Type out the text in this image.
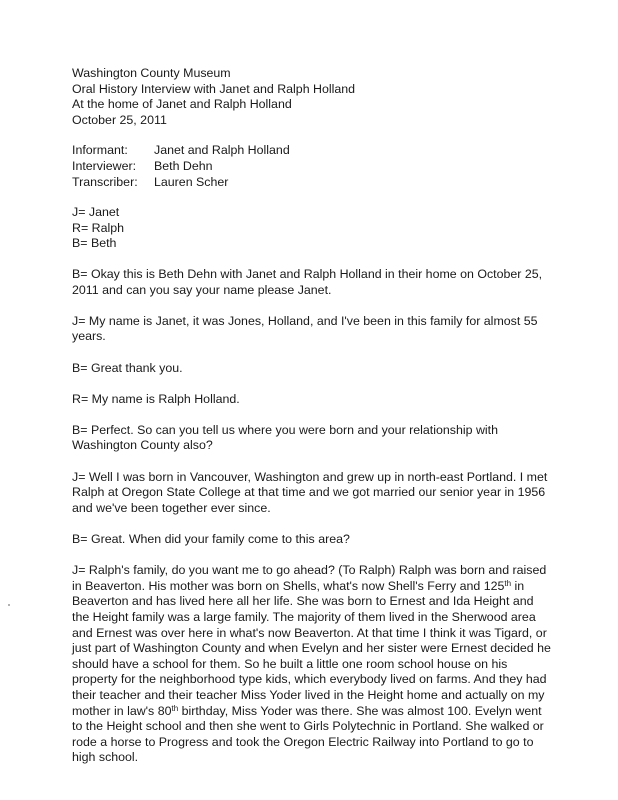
Washington County Museum
Oral History Interview with Janet and Ralph Holland
At the home of Janet and Ralph Holland
October 25, 2011
Informant:	Janet and Ralph Holland
Interviewer:	Beth Dehn
Transcriber:	Lauren Scher
J= Janet
R= Ralph
B= Beth

B= Okay this is Beth Dehn with Janet and Ralph Holland in their home on October 25, 2011 and can you say your name please Janet.

J= My name is Janet, it was Jones, Holland, and I've been in this family for almost 55 years.

B= Great thank you.

R= My name is Ralph Holland.

B= Perfect. So can you tell us where you were born and your relationship with Washington County also?

J= Well I was born in Vancouver, Washington and grew up in north-east Portland. I met Ralph at Oregon State College at that time and we got married our senior year in 1956 and we've been together ever since.

B= Great. When did your family come to this area?

J= Ralph's family, do you want me to go ahead? (To Ralph) Ralph was born and raised in Beaverton. His mother was born on Shells, what's now Shell's Ferry and 125th in Beaverton and has lived here all her life. She was born to Ernest and Ida Height and the Height family was a large family. The majority of them lived in the Sherwood area and Ernest was over here in what's now Beaverton. At that time I think it was Tigard, or just part of Washington County and when Evelyn and her sister were Ernest decided he should have a school for them. So he built a little one room school house on his property for the neighborhood type kids, which everybody lived on farms. And they had their teacher and their teacher Miss Yoder lived in the Height home and actually on my mother in law's 80th birthday, Miss Yoder was there. She was almost 100. Evelyn went to the Height school and then she went to Girls Polytechnic in Portland. She walked or rode a horse to Progress and took the Oregon Electric Railway into Portland to go to high school.
